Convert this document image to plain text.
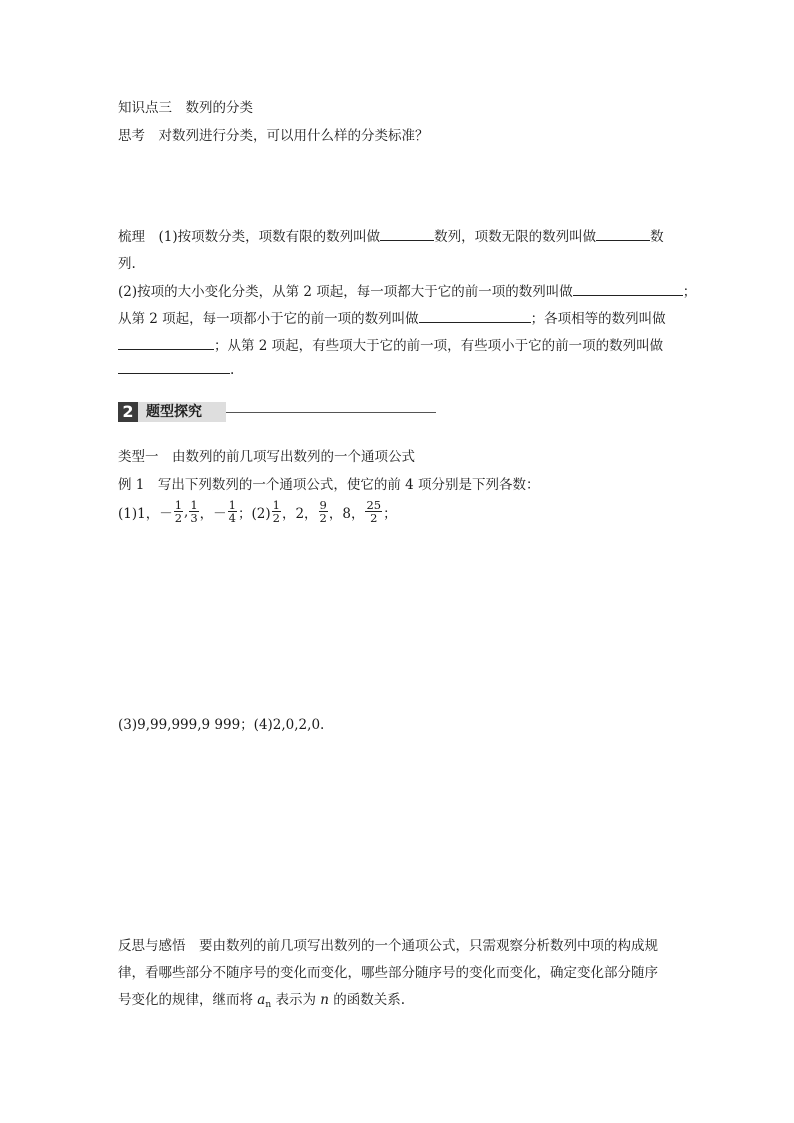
知识点三　数列的分类
思考　对数列进行分类，可以用什么样的分类标准？
梳理　(1)按项数分类，项数有限的数列叫做	数列，项数无限的数列叫做	数
列.
(2)按项的大小变化分类，从第 2 项起，每一项都大于它的前一项的数列叫做	；
从第 2 项起，每一项都小于它的前一项的数列叫做	；各项相等的数列叫做
；从第 2 项起，有些项大于它的前一项，有些项小于它的前一项的数列叫做
.
2 题型探究
类型一　由数列的前几项写出数列的一个通项公式
例 1　写出下列数列的一个通项公式，使它的前 4 项分别是下列各数：
(1)1，－ $\frac{1}{2}$ , $\frac{1}{3}$ ，－ $\frac{1}{4}$ ；$(2) \frac{1}{2}$ ，2， $\frac{9}{2}$ ，8， $\frac{25}{2}$ ；
(3)9,99,999,9 999；(4)2,0,2,0.
反思与感悟　要由数列的前几项写出数列的一个通项公式，只需观察分析数列中项的构成规
律，看哪些部分不随序号的变化而变化，哪些部分随序号的变化而变化，确定变化部分随序
号变化的规律，继而将 $a_n$ 表示为 n 的函数关系.
